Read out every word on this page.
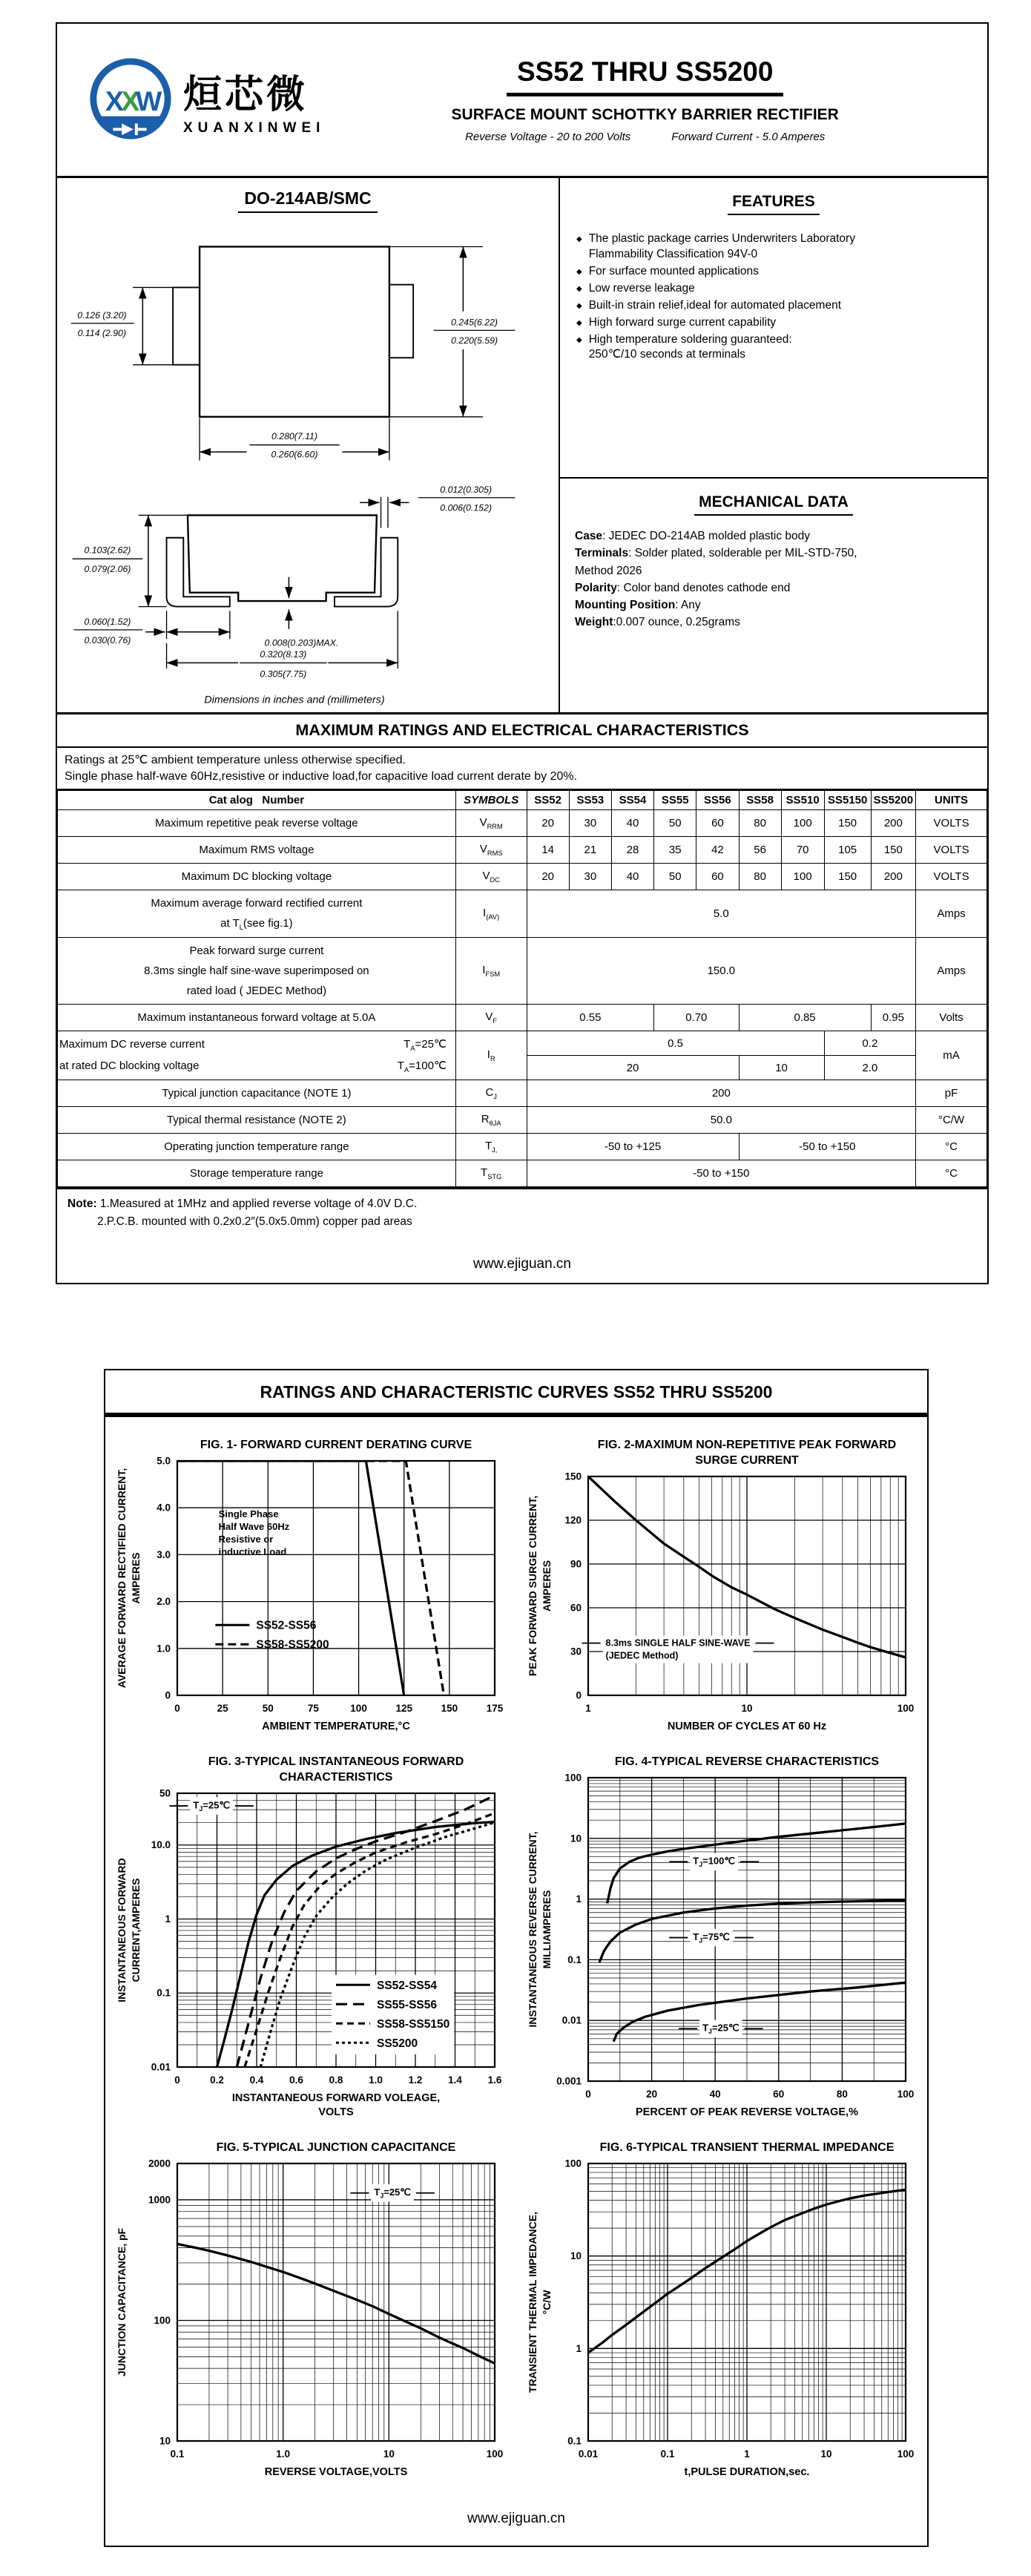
X
X
W 烜芯微
XUANXINWEI
SS52 THRU SS5200
SURFACE MOUNT SCHOTTKY BARRIER RECTIFIER
Reverse Voltage - 20 to 200 Volts	Forward Current - 5.0 Amperes
DO-214AB/SMC
0.126 (3.20)
0.114 (2.90)
0.245(6.22)
0.220(5.59)
0.280(7.11)
0.260(6.60)
0.012(0.305)
0.006(0.152)
0.103(2.62)
0.079(2.06)
0.060(1.52)
0.030(0.76)	0.008(0.203)MAX.
0.320(8.13)
0.305(7.75)
Dimensions in inches and (millimeters)
FEATURES
◆ The plastic package carries Underwriters Laboratory
Flammability Classification 94V-0
◆ For surface mounted applications
◆ Low reverse leakage
◆ Built-in strain relief,ideal for automated placement
◆ High forward surge current capability
◆ High temperature soldering guaranteed:
250℃/10 seconds at terminals
MECHANICAL DATA

Case: JEDEC DO-214AB molded plastic body

Terminals: Solder plated, solderable per MIL-STD-750,

Method 2026

Polarity: Color band denotes cathode end

Mounting Position: Any

Weight:0.007 ounce, 0.25grams

MAXIMUM RATINGS AND ELECTRICAL CHARACTERISTICS
Ratings at 25℃ ambient temperature unless otherwise specified.
Single phase half-wave 60Hz,resistive or inductive load,for capacitive load current derate by 20%.
Cat alog   Number	SYMBOLS	SS52	SS53	SS54	SS55	SS56	SS58	SS510	SS5150	SS5200	UNITS

Maximum repetitive peak reverse voltage	$V_{RRM}$	20	30	40	50	60	80	100	150	200	VOLTS

Maximum RMS voltage	$V_{RMS}$	14	21	28	35	42	56	70	105	150	VOLTS

Maximum DC blocking voltage	$V_{DC}$	20	30	40	50	60	80	100	150	200	VOLTS

Maximum average forward rectified current
at $T_L(see$ fig.1)	$I_{(AV)}$	5.0									Amps

Peak forward surge current
8.3ms single half sine-wave superimposed on
rated load ( JEDEC Method)	$I_{FSM}$	150.0									Amps

Maximum instantaneous forward voltage at 5.0A	$V_F$	0.55			0.70		0.85			0.95	Volts

Maximum DC reverse current $T_A=25℃$
at rated DC blocking voltage $T_A=100℃$	$I_R$	0.5							0.2		mA
		20					10		2.0		

Typical junction capacitance (NOTE 1)	$C_J$	200									pF

Typical thermal resistance (NOTE 2)	$R_{\theta JA}$	50.0									°C/W

Operating junction temperature range	$T_{J,}$	-50 to +125					-50 to +150				°C

Storage temperature range	$T_{STG}$	-50 to +150									°C
Note: 1.Measured at 1MHz and applied reverse voltage of 4.0V D.C.
2.P.C.B. mounted with 0.2x0.2″(5.0x5.0mm) copper pad areas
www.ejiguan.cn
RATINGS AND CHARACTERISTIC CURVES SS52 THRU SS5200
0	25	50	75	100	125	150	175
0
1.0
2.0
3.0
4.0
5.0
FIG. 1- FORWARD CURRENT DERATING CURVE
AMBIENT TEMPERATURE,°C
AVERAGE FORWARD RECTIFIED CURRENT, AMPERES
SS52-SS56
SS58-SS5200
Single Phase
Half Wave 60Hz
Resistive or
inductive Load
1	10	100
0
30
60
90
120
150
FIG. 2-MAXIMUM NON-REPETITIVE PEAK FORWARD
SURGE CURRENT
NUMBER OF CYCLES AT 60 Hz
PEAK FORWARD SURGE CURRENT, AMPERES
8.3ms SINGLE HALF SINE-WAVE
(JEDEC Method)
0	0.2	0.4	0.6	0.8	1.0	1.2	1.4	1.6
0.01
0.1
1
10.0
50
FIG. 3-TYPICAL INSTANTANEOUS FORWARD
CHARACTERISTICS
INSTANTANEOUS FORWARD VOLEAGE,
VOLTS
INSTANTANEOUS FORWARD CURRENT,AMPERES
SS52-SS54
SS55-SS56
SS58-SS5150
SS5200
$T_J=25℃$
0	20	40	60	80	100
0.001
0.01
0.1
1
10
100
FIG. 4-TYPICAL REVERSE CHARACTERISTICS
PERCENT OF PEAK REVERSE VOLTAGE,%
INSTANTANEOUS REVERSE CURRENT, MILLIAMPERES
$T_J=100℃$
$T_J=75℃$
$T_J=25℃$
0.1	1.0	10	100
10
100
1000
2000
FIG. 5-TYPICAL JUNCTION CAPACITANCE
REVERSE VOLTAGE,VOLTS
JUNCTION CAPACITANCE, pF
$T_J=25℃$
0.01	0.1	1	10	100
0.1
1
10
100
FIG. 6-TYPICAL TRANSIENT THERMAL IMPEDANCE
t,PULSE DURATION,sec.
TRANSIENT THERMAL IMPEDANCE, °C/W
www.ejiguan.cn
